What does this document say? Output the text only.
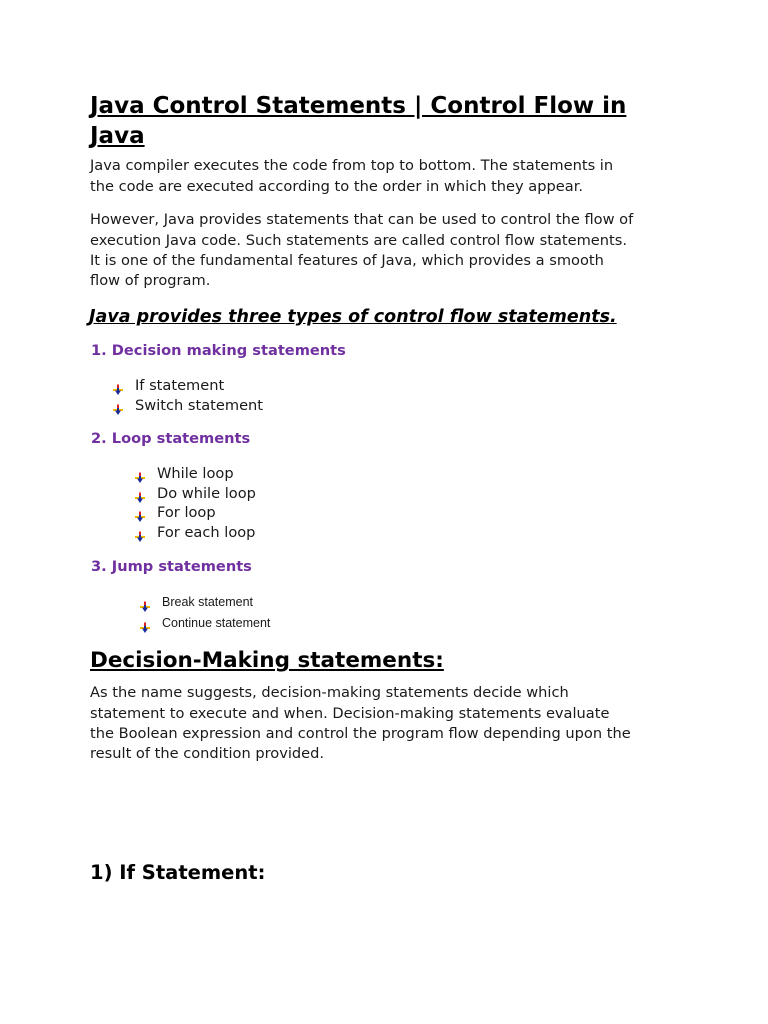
Java Control Statements | Control Flow in
Java

Java compiler executes the code from top to bottom. The statements in

the code are executed according to the order in which they appear.

However, Java provides statements that can be used to control the flow of

execution Java code. Such statements are called control flow statements.

It is one of the fundamental features of Java, which provides a smooth

flow of program.

Java provides three types of control flow statements.
1. Decision making statements
If statement
Switch statement
2. Loop statements
While loop
Do while loop
For loop
For each loop
3. Jump statements
Break statement
Continue statement
Decision-Making statements:

As the name suggests, decision-making statements decide which

statement to execute and when. Decision-making statements evaluate

the Boolean expression and control the program flow depending upon the

result of the condition provided.

1) If Statement:
